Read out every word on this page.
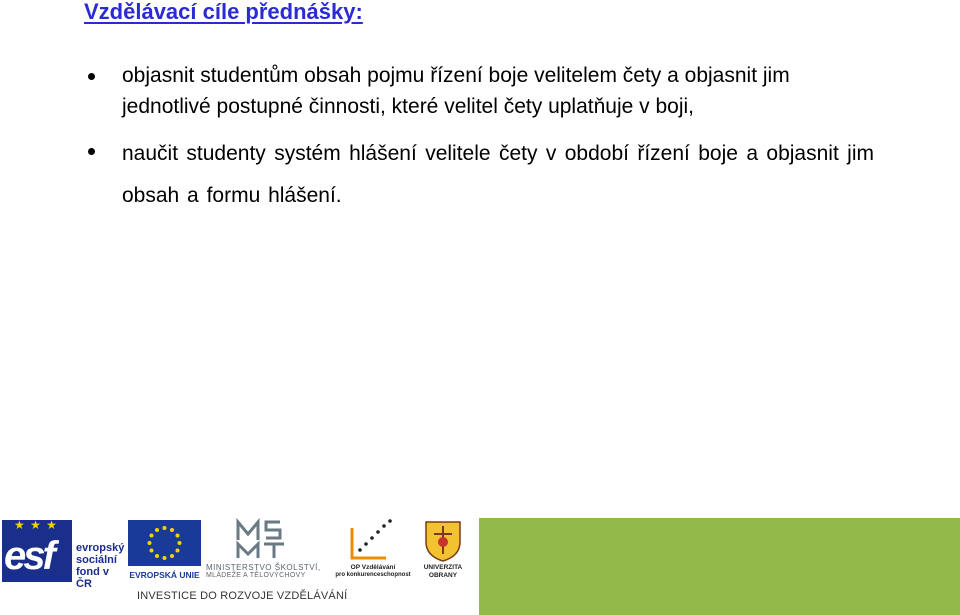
Vzdělávací cíle přednášky:

objasnit studentům obsah pojmu řízení boje velitelem čety a objasnit jim jednotlivé postupné činnosti, které velitel čety uplatňuje v boji,

naučit studenty systém hlášení velitele čety v období řízení boje a objasnit jim obsah a formu hlášení.

★ ★ ★
esf evropský
sociální
fond v ČR
EVROPSKÁ UNIE
MINISTERSTVO ŠKOLSTVÍ,
MLÁDEŽE A TĚLOVÝCHOVY
OP Vzdělávání
pro konkurenceschopnost
UNIVERZITA
OBRANY
INVESTICE DO ROZVOJE VZDĚLÁVÁNÍ
